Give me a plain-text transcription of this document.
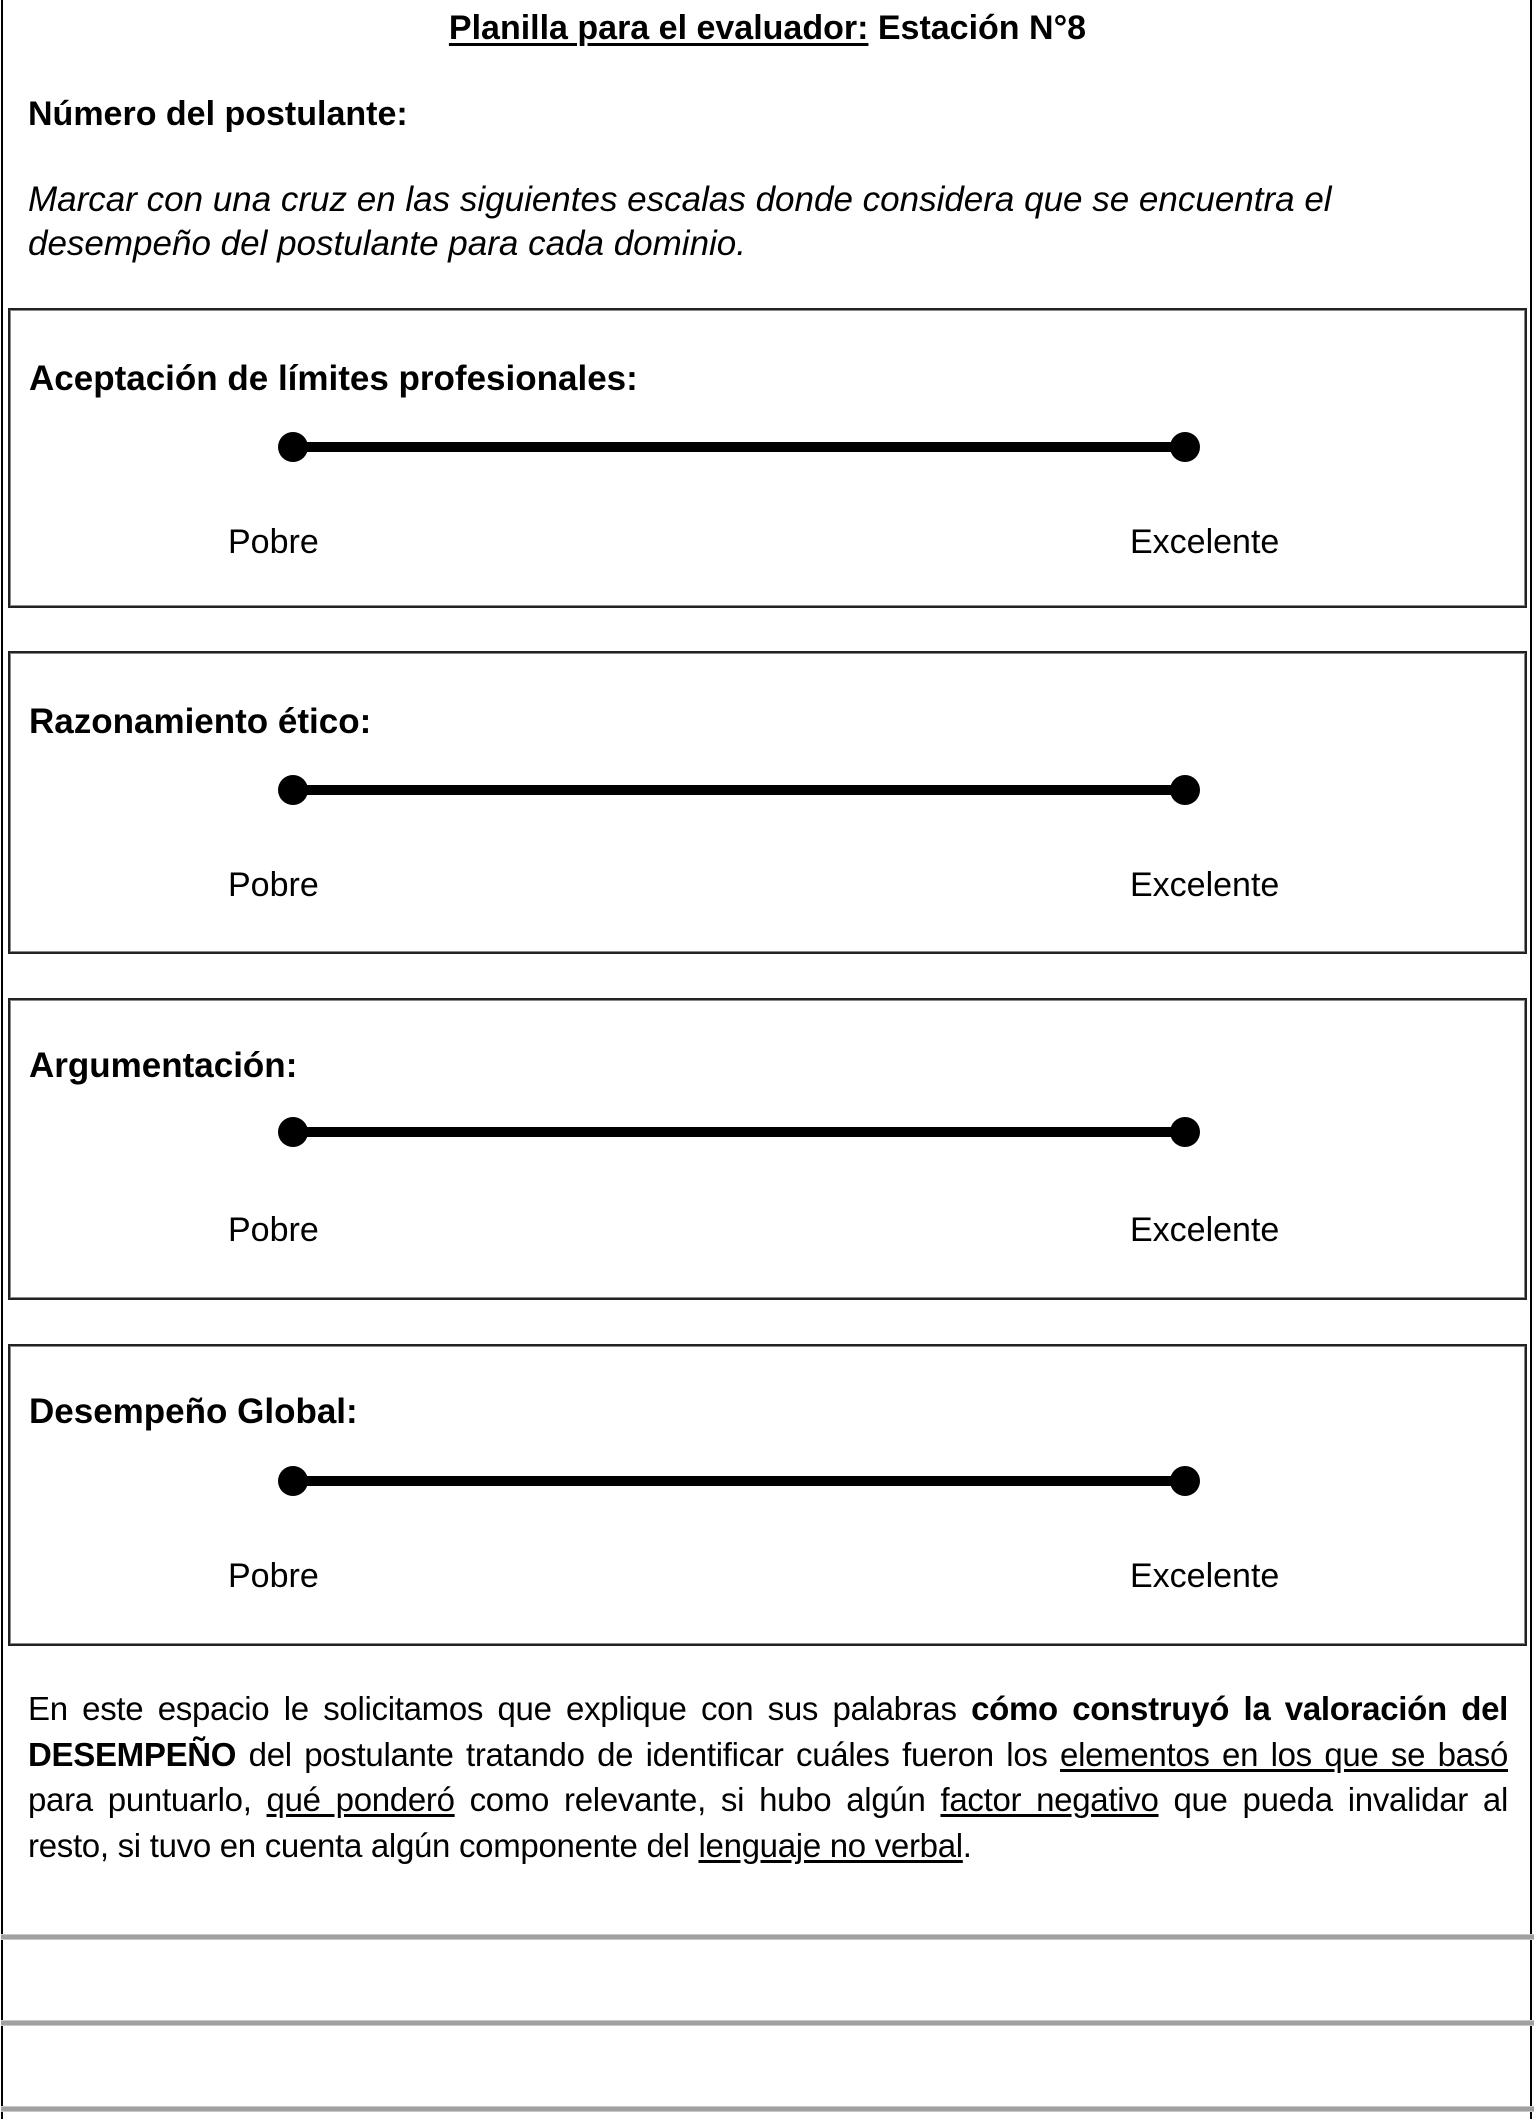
Planilla para el evaluador: Estación N°8
Número del postulante:
Marcar con una cruz en las siguientes escalas donde considera que se encuentra el desempeño del postulante para cada dominio.
Aceptación de límites profesionales:
Pobre	Excelente
Razonamiento ético:
Pobre	Excelente
Argumentación:
Pobre	Excelente
Desempeño Global:
Pobre	Excelente
En este espacio le solicitamos que explique con sus palabras cómo construyó la valoración del DESEMPEÑO del postulante tratando de identificar cuáles fueron los elementos en los que se basó para puntuarlo, qué ponderó como relevante, si hubo algún factor negativo que pueda invalidar al resto, si tuvo en cuenta algún componente del lenguaje no verbal.
